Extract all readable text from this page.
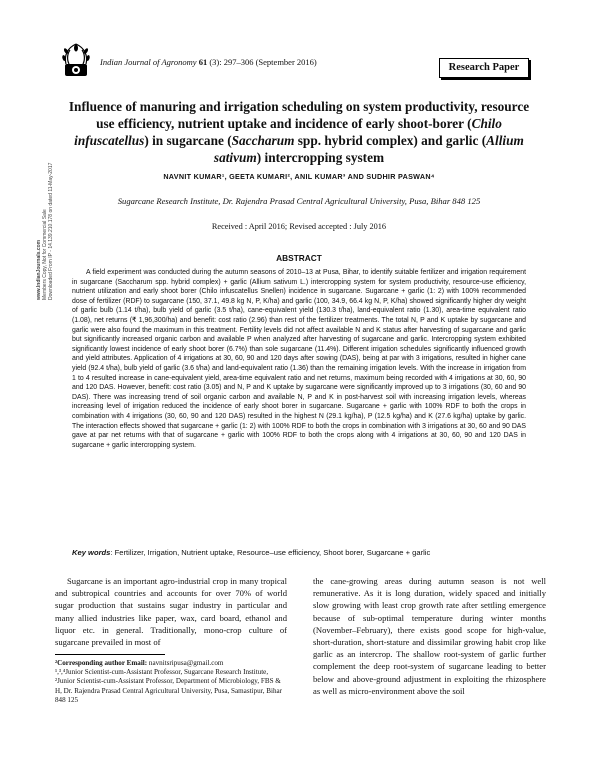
www.IndianJournals.com Members Copy, Not for Commercial Sale Downloaded From IP - 14.139.210.178 on dated 11-May-2017
Indian Journal of Agronomy 61 (3): 297–306 (September 2016)	Research Paper
Influence of manuring and irrigation scheduling on system productivity, resource use efficiency, nutrient uptake and incidence of early shoot-borer (Chilo infuscatellus) in sugarcane (Saccharum spp. hybrid complex) and garlic (Allium sativum) intercropping system
NAVNIT KUMAR¹, GEETA KUMARI², ANIL KUMAR³ AND SUDHIR PASWAN⁴
Sugarcane Research Institute, Dr. Rajendra Prasad Central Agricultural University, Pusa, Bihar 848 125
Received : April 2016; Revised accepted : July 2016
ABSTRACT
A field experiment was conducted during the autumn seasons of 2010–13 at Pusa, Bihar, to identify suitable fertilizer and irrigation requirement in sugarcane (Saccharum spp. hybrid complex) + garlic (Allium sativum L.) intercropping system for system productivity, resource-use efficiency, nutrient utilization and early shoot borer (Chilo infuscatellus Snellen) incidence in sugarcane. Sugarcane + garlic (1: 2) with 100% recommended dose of fertilizer (RDF) to sugarcane (150, 37.1, 49.8 kg N, P, K/ha) and garlic (100, 34.9, 66.4 kg N, P, K/ha) showed significantly higher dry weight of garlic bulb (1.14 t/ha), bulb yield of garlic (3.5 t/ha), cane-equivalent yield (130.3 t/ha), land-equivalent ratio (1.30), area-time equivalent ratio (1.08), net returns (₹ 1,96,300/ha) and benefit: cost ratio (2.96) than rest of the fertilizer treatments. The total N, P and K uptake by sugarcane and garlic were also found the maximum in this treatment. Fertility levels did not affect available N and K status after harvesting of sugarcane and garlic but significantly increased organic carbon and available P when analyzed after harvesting of sugarcane and garlic. Intercropping system exhibited significantly lowest incidence of early shoot borer (6.7%) than sole sugarcane (11.4%). Different irrigation schedules significantly influenced growth and yield attributes. Application of 4 irrigations at 30, 60, 90 and 120 days after sowing (DAS), being at par with 3 irrigations, resulted in higher cane yield (92.4 t/ha), bulb yield of garlic (3.6 t/ha) and land-equivalent ratio (1.36) than the remaining irrigation levels. With the increase in irrigation from 1 to 4 resulted increase in cane-equivalent yield, area-time equivalent ratio and net returns, maximum being recorded with 4 irrigations at 30, 60, 90 and 120 DAS. However, benefit: cost ratio (3.05) and N, P and K uptake by sugarcane were significantly improved up to 3 irrigations (30, 60 and 90 DAS). There was increasing trend of soil organic carbon and available N, P and K in post-harvest soil with increasing irrigation levels, whereas increasing level of irrigation reduced the incidence of early shoot borer in sugarcane. Sugarcane + garlic with 100% RDF to both the crops in combination with 4 irrigations (30, 60, 90 and 120 DAS) resulted in the highest N (29.1 kg/ha), P (12.5 kg/ha) and K (27.6 kg/ha) uptake by garlic. The interaction effects showed that sugarcane + garlic (1: 2) with 100% RDF to both the crops in combination with 3 irrigations at 30, 60 and 90 DAS gave at par net returns with that of sugarcane + garlic with 100% RDF to both the crops along with 4 irrigations at 30, 60, 90 and 120 DAS in sugarcane + garlic intercropping system.
Key words: Fertilizer, Irrigation, Nutrient uptake, Resource–use efficiency, Shoot borer, Sugarcane + garlic
Sugarcane is an important agro-industrial crop in many tropical and subtropical countries and accounts for over 70% of world sugar production that sustains sugar industry in particular and many allied industries like paper, wax, card board, ethanol and liquor etc. in general. Traditionally, mono-crop culture of sugarcane prevailed in most of
the cane-growing areas during autumn season is not well remunerative. As it is long duration, widely spaced and initially slow growing with least crop growth rate after settling emergence because of sub-optimal temperature during winter months (November–February), there exists good scope for high-value, short-duration, short-stature and dissimilar growing habit crop like garlic as an intercrop. The shallow root-system of garlic further complement the deep root-system of sugarcane leading to better below and above-ground adjustment in exploiting the rhizosphere as well as micro-environment above the soil
²Corresponding author Email: navnitsripusa@gmail.com
¹,³,⁴Junior Scientist-cum-Assistant Professor, Sugarcane Research Institute, ²Junior Scientist-cum-Assistant Professor, Department of Microbiology, FBS & H, Dr. Rajendra Prasad Central Agricultural University, Pusa, Samastipur, Bihar 848 125
